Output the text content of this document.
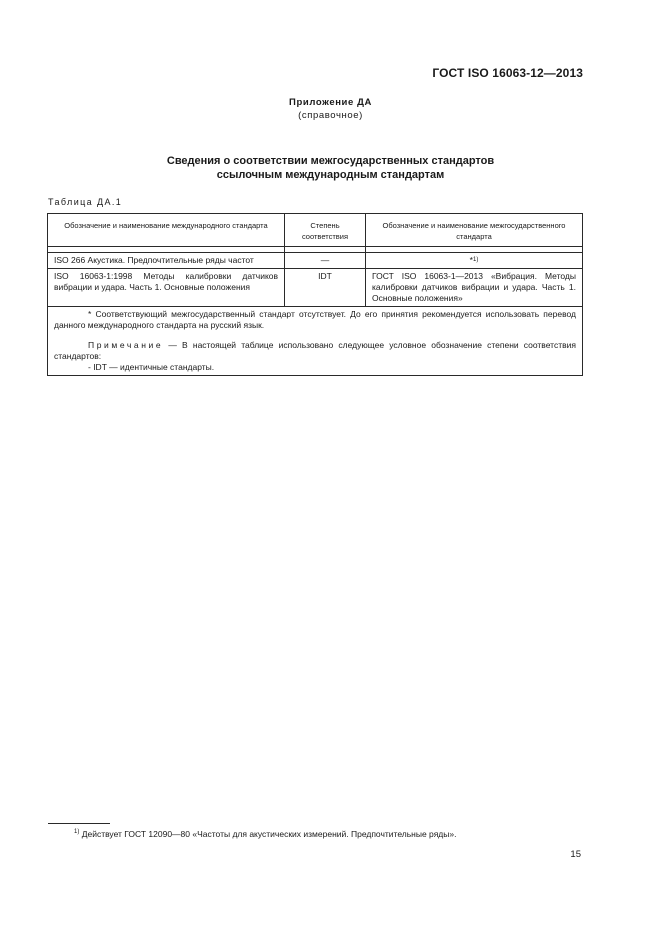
ГОСТ ISO 16063-12—2013
Приложение ДА
(справочное)
Сведения о соответствии межгосударственных стандартов
ссылочным международным стандартам
Таблица ДА.1
Обозначение и наименование международного стандарта	Степень соответствия	Обозначение и наименование межгосударственного стандарта

ISO 266 Акустика. Предпочтительные ряды частот	—	*$^{1)}$
ISO 16063-1:1998 Методы калибровки датчиков вибрации и удара. Часть 1. Основные положения	IDT	ГОСТ ISO 16063-1—2013 «Вибрация. Методы калибровки датчиков вибрации и удара. Часть 1. Основные положения»

* Соответствующий межгосударственный стандарт отсутствует. До его принятия рекомендуется использовать перевод данного международного стандарта на русский язык.
Примечание — В настоящей таблице использовано следующее условное обозначение степени соответствия стандартов:
- IDT — идентичные стандарты.		
$^{1)}$ Действует ГОСТ 12090—80 «Частоты для акустических измерений. Предпочтительные ряды».
15
